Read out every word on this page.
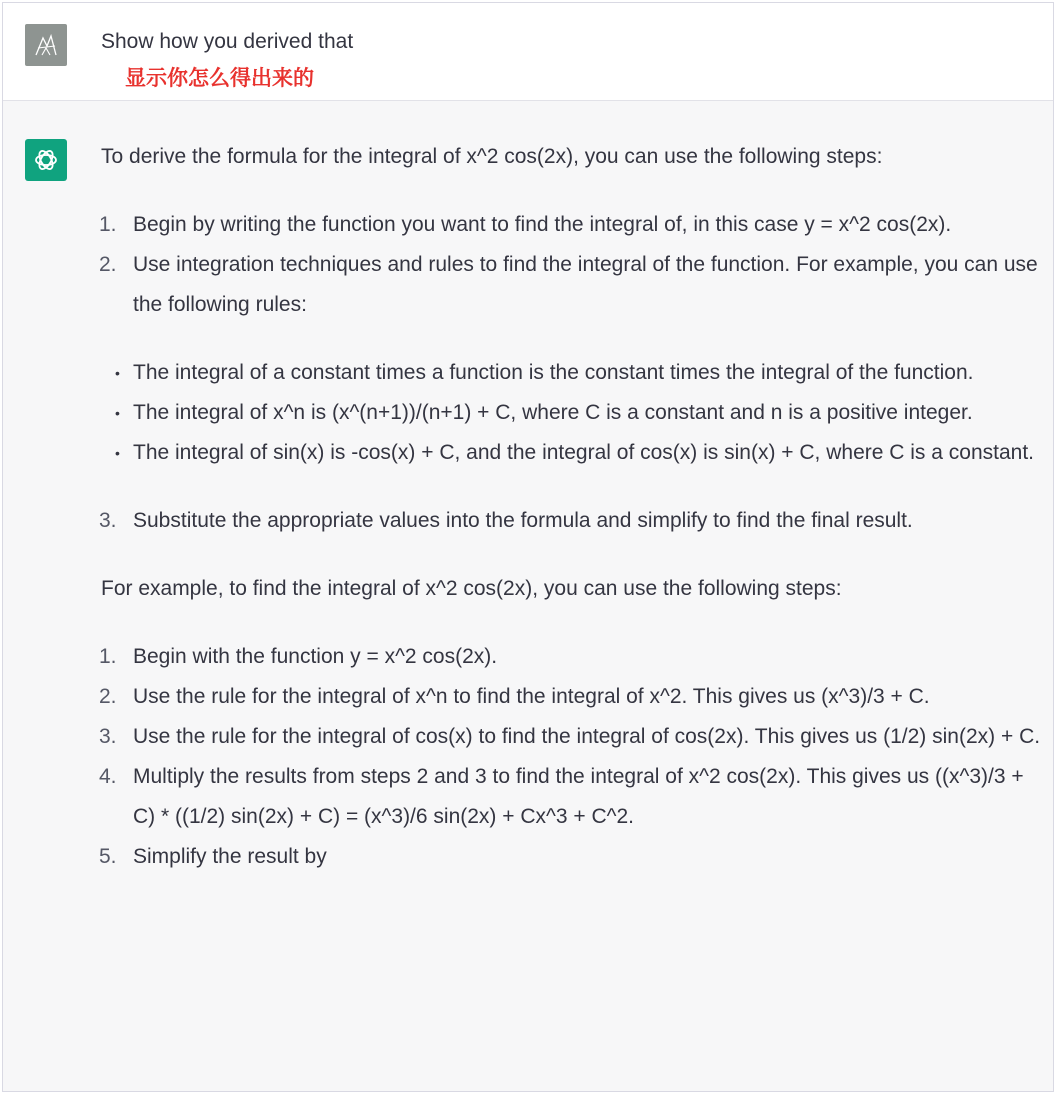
Show how you derived that
显示你怎么得出来的

To derive the formula for the integral of x^2 cos(2x), you can use the following steps:

1. Begin by writing the function you want to find the integral of, in this case y = x^2 cos(2x).
2. Use integration techniques and rules to find the integral of the function. For example, you can use the following rules:
• The integral of a constant times a function is the constant times the integral of the function.
• The integral of x^n is (x^(n+1))/(n+1) + C, where C is a constant and n is a positive integer.
• The integral of sin(x) is -cos(x) + C, and the integral of cos(x) is sin(x) + C, where C is a constant.
3. Substitute the appropriate values into the formula and simplify to find the final result.

For example, to find the integral of x^2 cos(2x), you can use the following steps:

1. Begin with the function y = x^2 cos(2x).
2. Use the rule for the integral of x^n to find the integral of x^2. This gives us (x^3)/3 + C.
3. Use the rule for the integral of cos(x) to find the integral of cos(2x). This gives us (1/2) sin(2x) + C.
4. Multiply the results from steps 2 and 3 to find the integral of x^2 cos(2x). This gives us ((x^3)/3 + C) * ((1/2) sin(2x) + C) = (x^3)/6 sin(2x) + Cx^3 + C^2.
5. Simplify the result by
